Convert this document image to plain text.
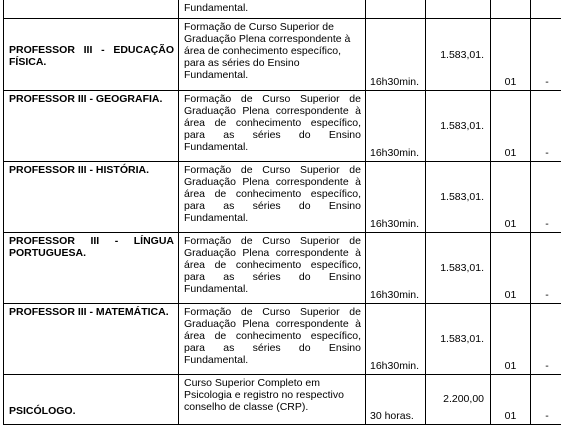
	Fundamental.				
PROFESSOR III - EDUCAÇÃO FÍSICA.	Formação de Curso Superior de Graduação Plena correspondente à área de conhecimento específico, para as séries do Ensino Fundamental.	16h30min.	1.583,01.	01	-
PROFESSOR III - GEOGRAFIA.	Formação de Curso Superior de Graduação Plena correspondente à área de conhecimento específico, para as séries do Ensino Fundamental.	16h30min.	1.583,01.	01	-
PROFESSOR III - HISTÓRIA.	Formação de Curso Superior de Graduação Plena correspondente à área de conhecimento específico, para as séries do Ensino Fundamental.	16h30min.	1.583,01.	01	-
PROFESSOR III - LÍNGUA PORTUGUESA.	Formação de Curso Superior de Graduação Plena correspondente à área de conhecimento específico, para as séries do Ensino Fundamental.	16h30min.	1.583,01.	01	-
PROFESSOR III - MATEMÁTICA.	Formação de Curso Superior de Graduação Plena correspondente à área de conhecimento específico, para as séries do Ensino Fundamental.	16h30min.	1.583,01.	01	-
PSICÓLOGO.	Curso Superior Completo em Psicologia e registro no respectivo conselho de classe (CRP).	30 horas.	2.200,00	01	-
